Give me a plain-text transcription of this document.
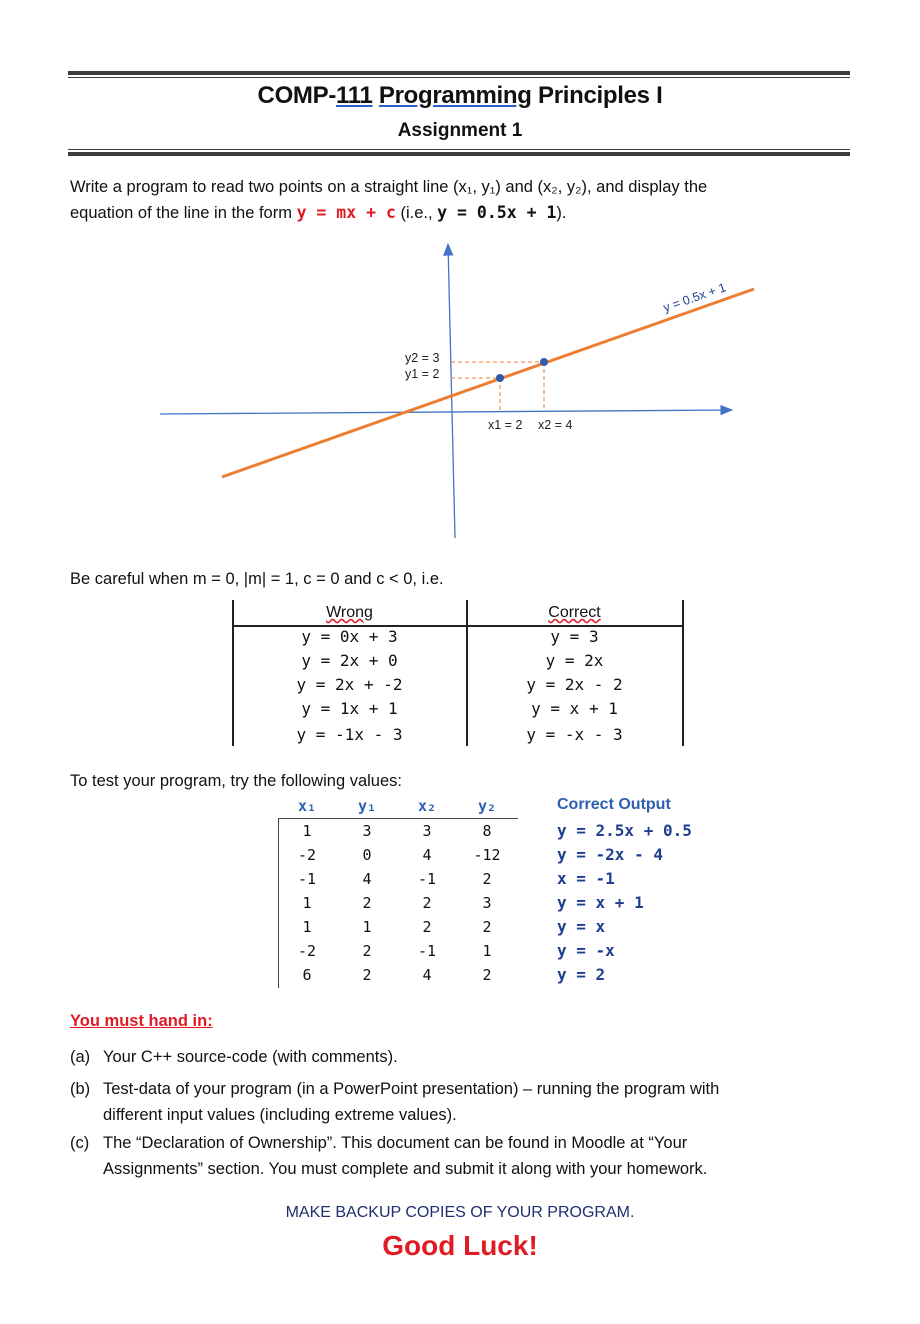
COMP-111 Programming Principles I
Assignment 1
Write a program to read two points on a straight line (x₁, y₁) and (x₂, y₂), and display the
equation of the line in the form y = mx + c (i.e., y = 0.5x + 1).
y = 0.5x + 1
y2 = 3
y1 = 2
x1 = 2 x2 = 4
Be careful when m = 0, |m| = 1, c = 0 and c < 0, i.e.
Wrong	Correct
y = 0x + 3	y = 3
y = 2x + 0	y = 2x
y = 2x + -2	y = 2x - 2
y = 1x + 1	y = x + 1
y = -1x - 3	y = -x - 3
To test your program, try the following values:
x₁	y₁	x₂	y₂	Correct Output
1	3	3	8	y = 2.5x + 0.5
-2	0	4	-12	y = -2x - 4
-1	4	-1	2	x = -1
1	2	2	3	y = x + 1
1	1	2	2	y = x
-2	2	-1	1	y = -x
6	2	4	2	y = 2
You must hand in:
(a) Your C++ source-code (with comments).
(b) Test-data of your program (in a PowerPoint presentation) – running the program with
different input values (including extreme values).
(c) The “Declaration of Ownership”. This document can be found in Moodle at “Your
Assignments” section. You must complete and submit it along with your homework.
MAKE BACKUP COPIES OF YOUR PROGRAM.
Good Luck!
